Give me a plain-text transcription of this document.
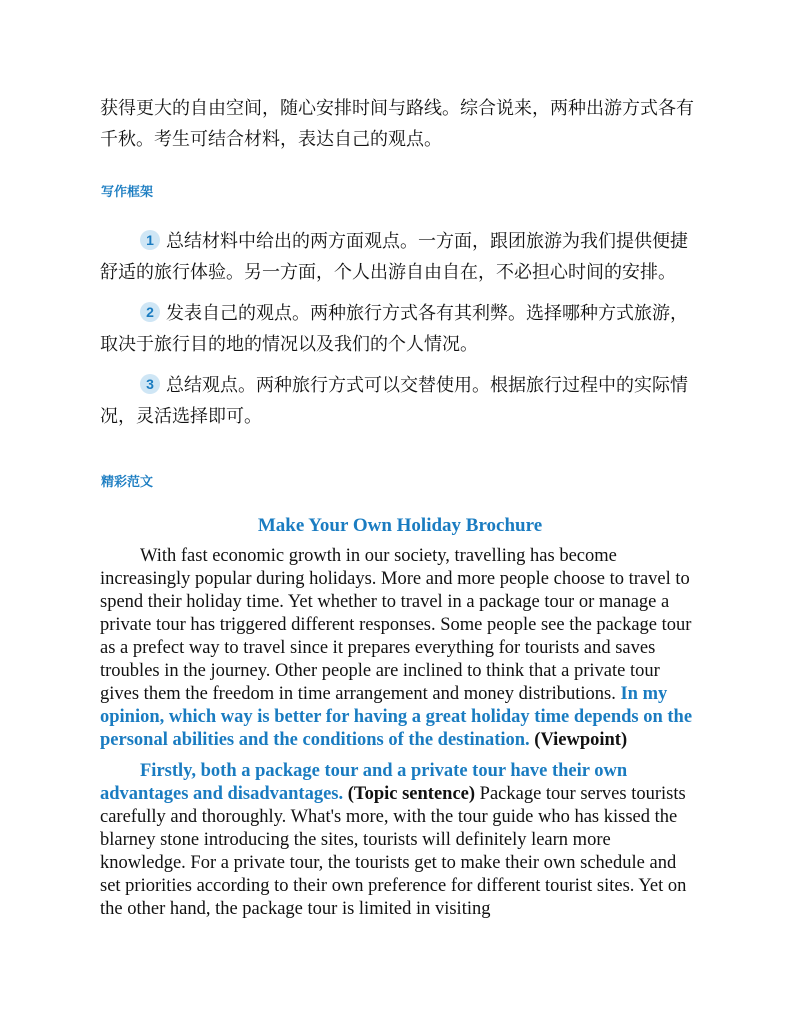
获得更大的自由空间，随心安排时间与路线。综合说来，两种出游方式各有千秋。考生可结合材料，表达自己的观点。
写作框架
1 总结材料中给出的两方面观点。一方面，跟团旅游为我们提供便捷舒适的旅行体验。另一方面，个人出游自由自在，不必担心时间的安排。
2 发表自己的观点。两种旅行方式各有其利弊。选择哪种方式旅游，取决于旅行目的地的情况以及我们的个人情况。
3 总结观点。两种旅行方式可以交替使用。根据旅行过程中的实际情况，灵活选择即可。
精彩范文
Make Your Own Holiday Brochure

With fast economic growth in our society, travelling has become increasingly popular during holidays. More and more people choose to travel to spend their holiday time. Yet whether to travel in a package tour or manage a private tour has triggered different responses. Some people see the package tour as a prefect way to travel since it prepares everything for tourists and saves troubles in the journey. Other people are inclined to think that a private tour gives them the freedom in time arrangement and money distributions. In my opinion, which way is better for having a great holiday time depends on the personal abilities and the conditions of the destination. (Viewpoint)

Firstly, both a package tour and a private tour have their own advantages and disadvantages. (Topic sentence) Package tour serves tourists carefully and thoroughly. What's more, with the tour guide who has kissed the blarney stone introducing the sites, tourists will definitely learn more knowledge. For a private tour, the tourists get to make their own schedule and set priorities according to their own preference for different tourist sites. Yet on the other hand, the package tour is limited in visiting
